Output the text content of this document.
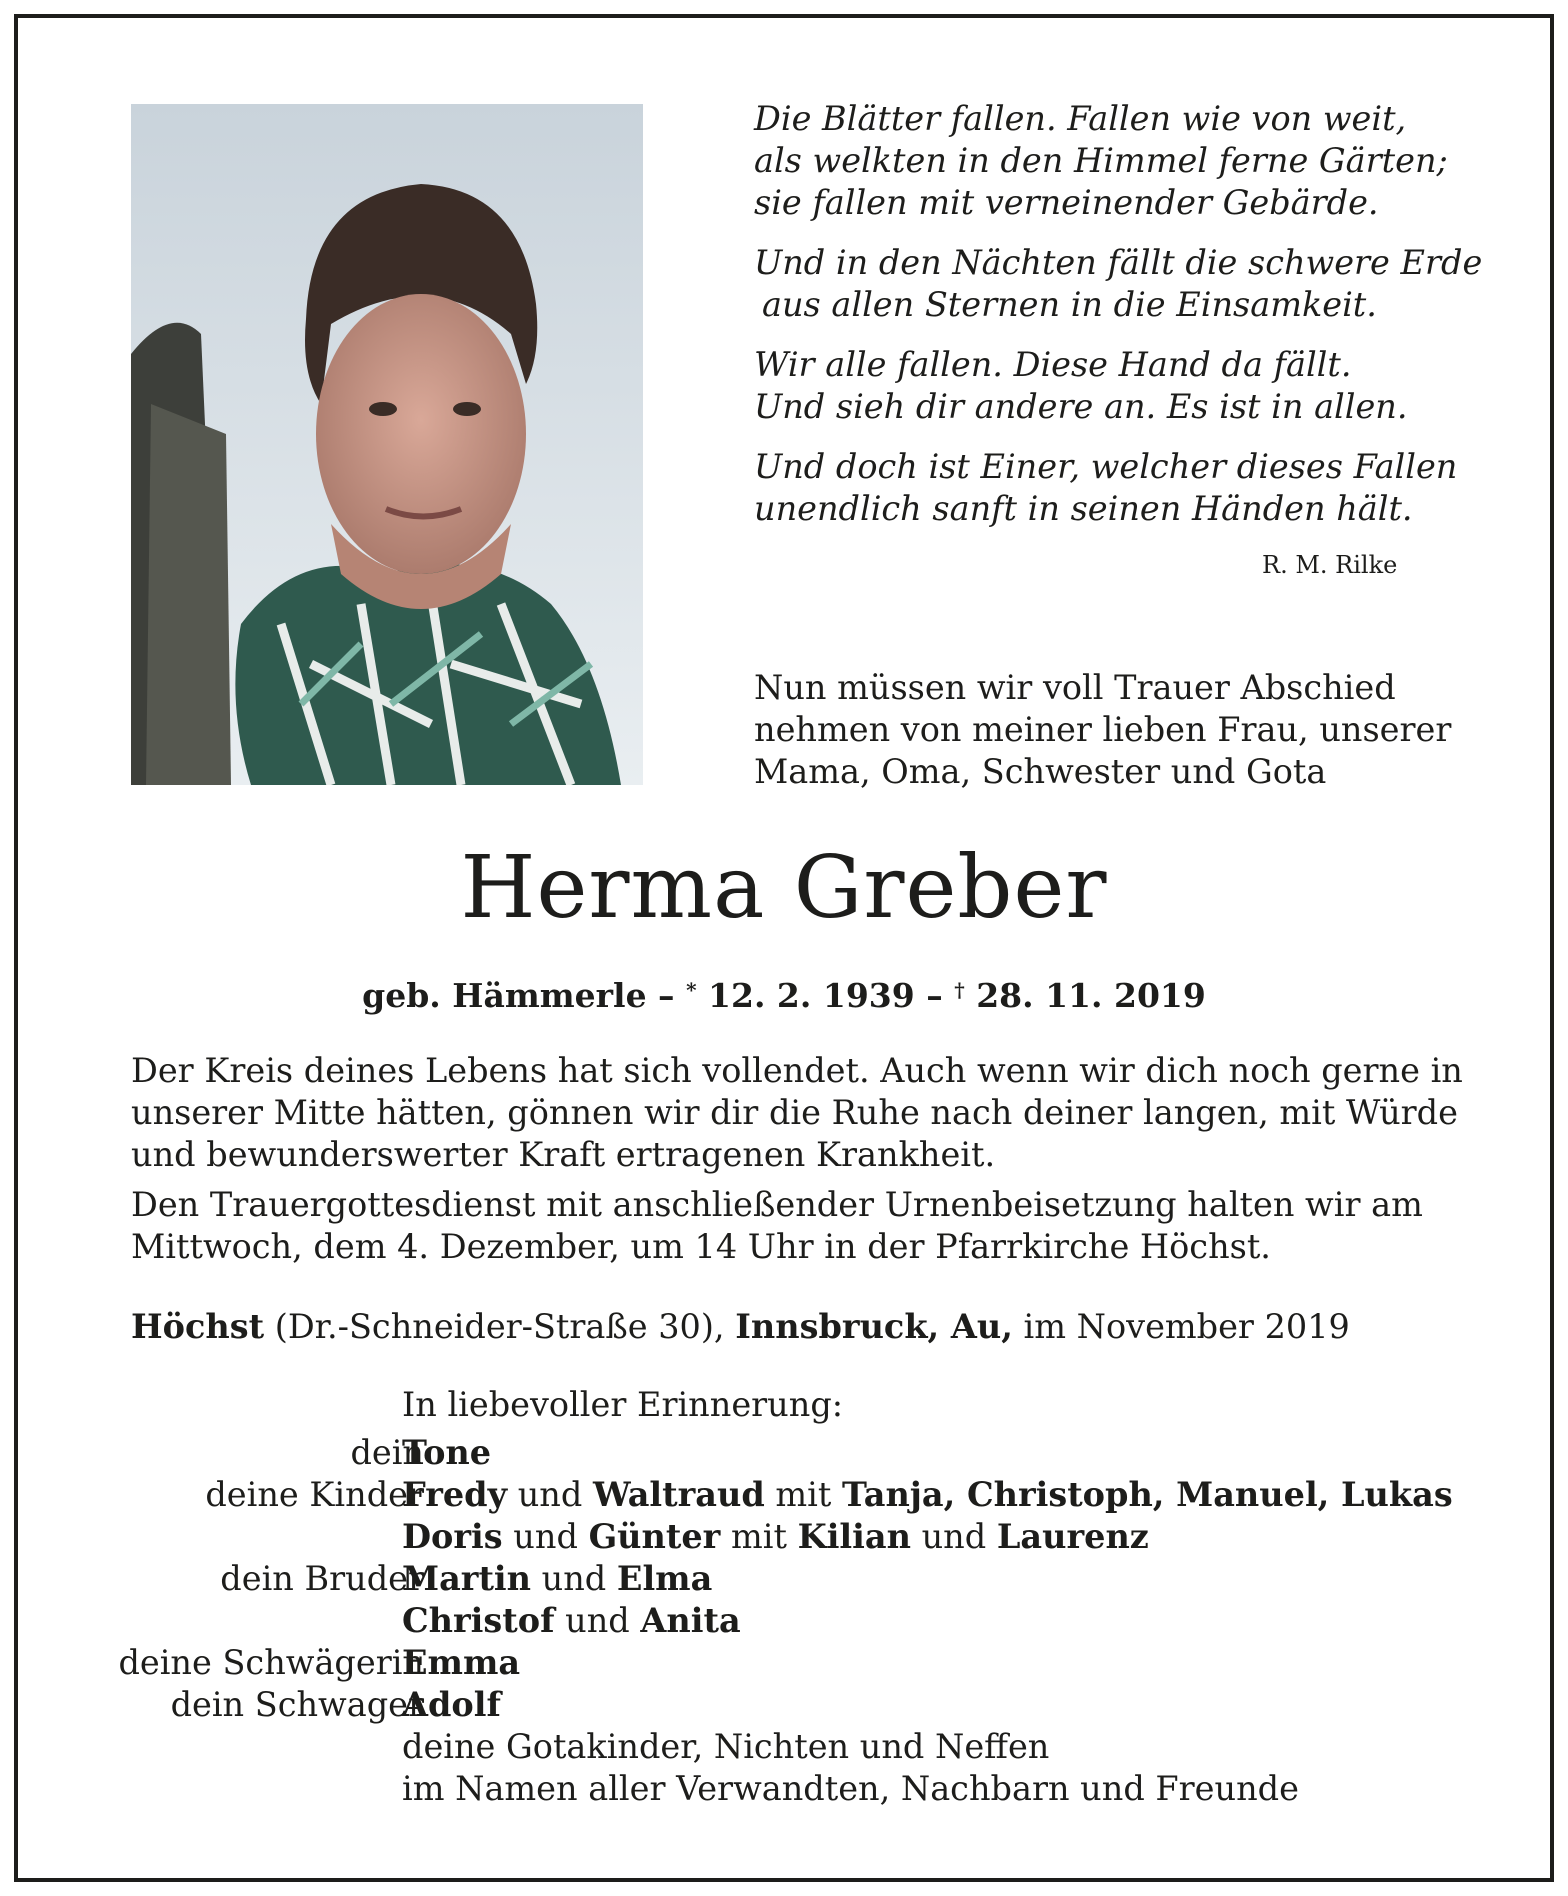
Die Blätter fallen. Fallen wie von weit,
als welkten in den Himmel ferne Gärten;
sie fallen mit verneinender Gebärde.
Und in den Nächten fällt die schwere Erde
aus allen Sternen in die Einsamkeit.
Wir alle fallen. Diese Hand da fällt.
Und sieh dir andere an. Es ist in allen.
Und doch ist Einer, welcher dieses Fallen
unendlich sanft in seinen Händen hält.
R. M. Rilke
Nun müssen wir voll Trauer Abschied
nehmen von meiner lieben Frau, unserer
Mama, Oma, Schwester und Gota
Herma Greber
geb. Hämmerle – * 12. 2. 1939 – † 28. 11. 2019
Der Kreis deines Lebens hat sich vollendet. Auch wenn wir dich noch gerne in
unserer Mitte hätten, gönnen wir dir die Ruhe nach deiner langen, mit Würde
und bewunderswerter Kraft ertragenen Krankheit.
Den Trauergottesdienst mit anschließender Urnenbeisetzung halten wir am
Mittwoch, dem 4. Dezember, um 14 Uhr in der Pfarrkirche Höchst.
Höchst (Dr.-Schneider-Straße 30), Innsbruck, Au, im November 2019
In liebevoller Erinnerung:
dein
Tone
deine Kinder
Fredy und Waltraud mit Tanja, Christoph, Manuel, Lukas
Doris und Günter mit Kilian und Laurenz
dein Bruder
Martin und Elma
Christof und Anita
deine Schwägerin
Emma
dein Schwager
Adolf
deine Gotakinder, Nichten und Neffen
im Namen aller Verwandten, Nachbarn und Freunde
